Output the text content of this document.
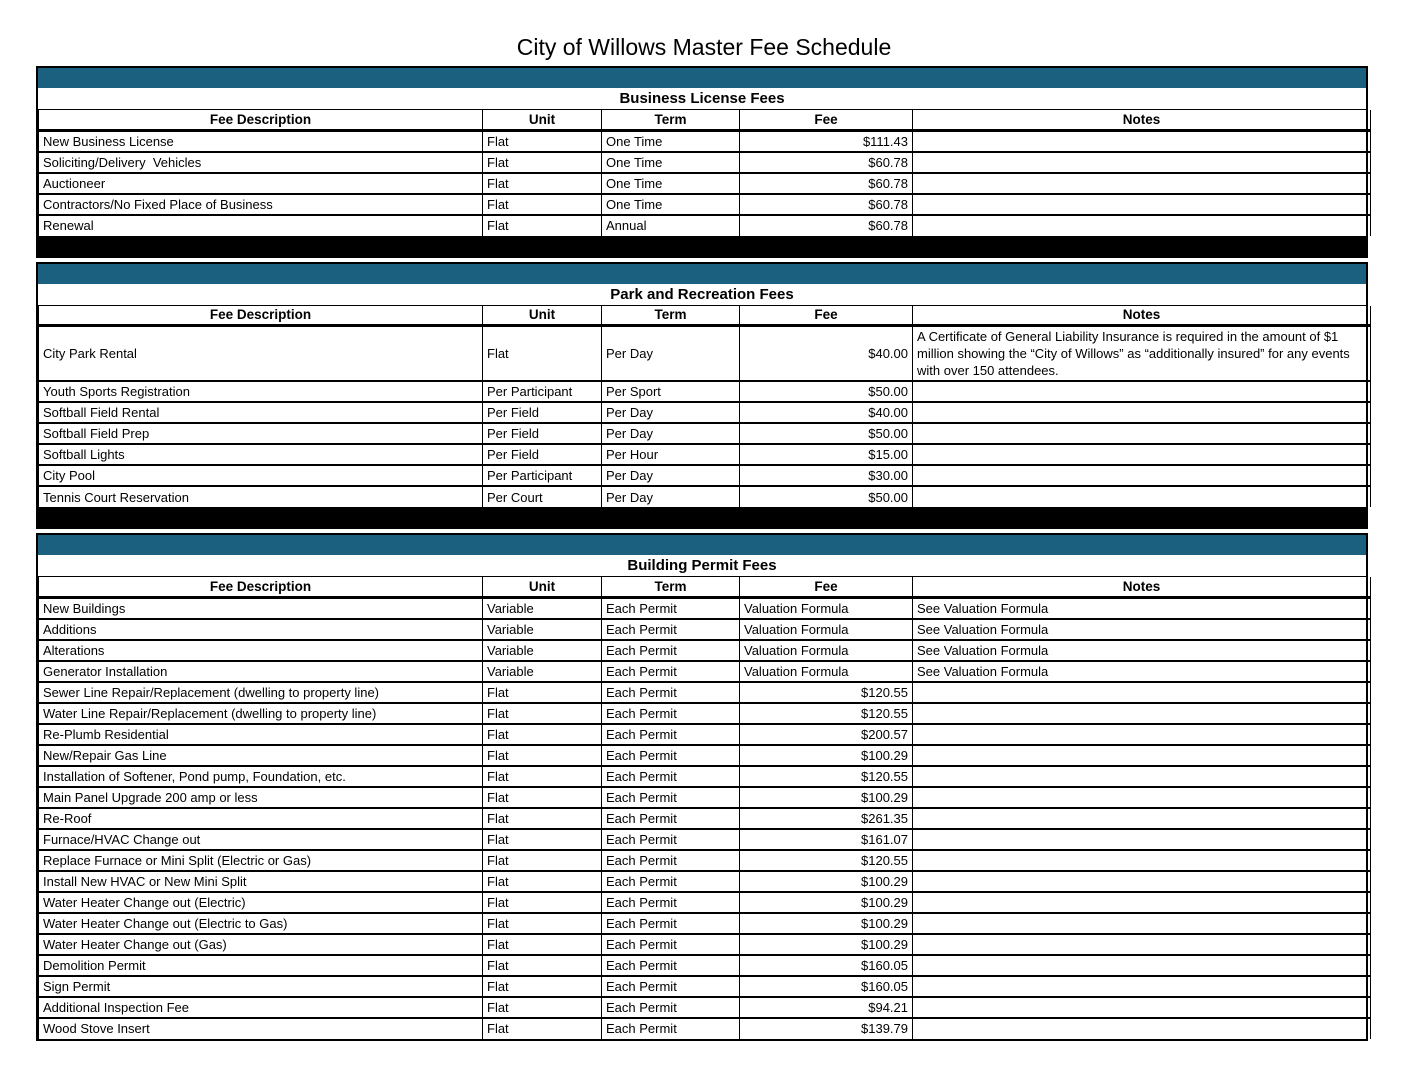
City of Willows Master Fee Schedule
Business License Fees
Fee Description	Unit	Term	Fee	Notes
New Business License	Flat	One Time	$111.43	
Soliciting/Delivery  Vehicles	Flat	One Time	$60.78	
Auctioneer	Flat	One Time	$60.78	
Contractors/No Fixed Place of Business	Flat	One Time	$60.78	
Renewal	Flat	Annual	$60.78	
Park and Recreation Fees
Fee Description	Unit	Term	Fee	Notes
City Park Rental	Flat	Per Day	$40.00	A Certificate of General Liability Insurance is required in the amount of $1 million showing the “City of Willows” as “additionally insured” for any events with over 150 attendees.
Youth Sports Registration	Per Participant	Per Sport	$50.00	
Softball Field Rental	Per Field	Per Day	$40.00	
Softball Field Prep	Per Field	Per Day	$50.00	
Softball Lights	Per Field	Per Hour	$15.00	
City Pool	Per Participant	Per Day	$30.00	
Tennis Court Reservation	Per Court	Per Day	$50.00	
Building Permit Fees
Fee Description	Unit	Term	Fee	Notes
New Buildings	Variable	Each Permit	Valuation Formula	See Valuation Formula
Additions	Variable	Each Permit	Valuation Formula	See Valuation Formula
Alterations	Variable	Each Permit	Valuation Formula	See Valuation Formula
Generator Installation	Variable	Each Permit	Valuation Formula	See Valuation Formula
Sewer Line Repair/Replacement (dwelling to property line)	Flat	Each Permit	$120.55	
Water Line Repair/Replacement (dwelling to property line)	Flat	Each Permit	$120.55	
Re-Plumb Residential	Flat	Each Permit	$200.57	
New/Repair Gas Line	Flat	Each Permit	$100.29	
Installation of Softener, Pond pump, Foundation, etc.	Flat	Each Permit	$120.55	
Main Panel Upgrade 200 amp or less	Flat	Each Permit	$100.29	
Re-Roof	Flat	Each Permit	$261.35	
Furnace/HVAC Change out	Flat	Each Permit	$161.07	
Replace Furnace or Mini Split (Electric or Gas)	Flat	Each Permit	$120.55	
Install New HVAC or New Mini Split	Flat	Each Permit	$100.29	
Water Heater Change out (Electric)	Flat	Each Permit	$100.29	
Water Heater Change out (Electric to Gas)	Flat	Each Permit	$100.29	
Water Heater Change out (Gas)	Flat	Each Permit	$100.29	
Demolition Permit	Flat	Each Permit	$160.05	
Sign Permit	Flat	Each Permit	$160.05	
Additional Inspection Fee	Flat	Each Permit	$94.21	
Wood Stove Insert	Flat	Each Permit	$139.79	
